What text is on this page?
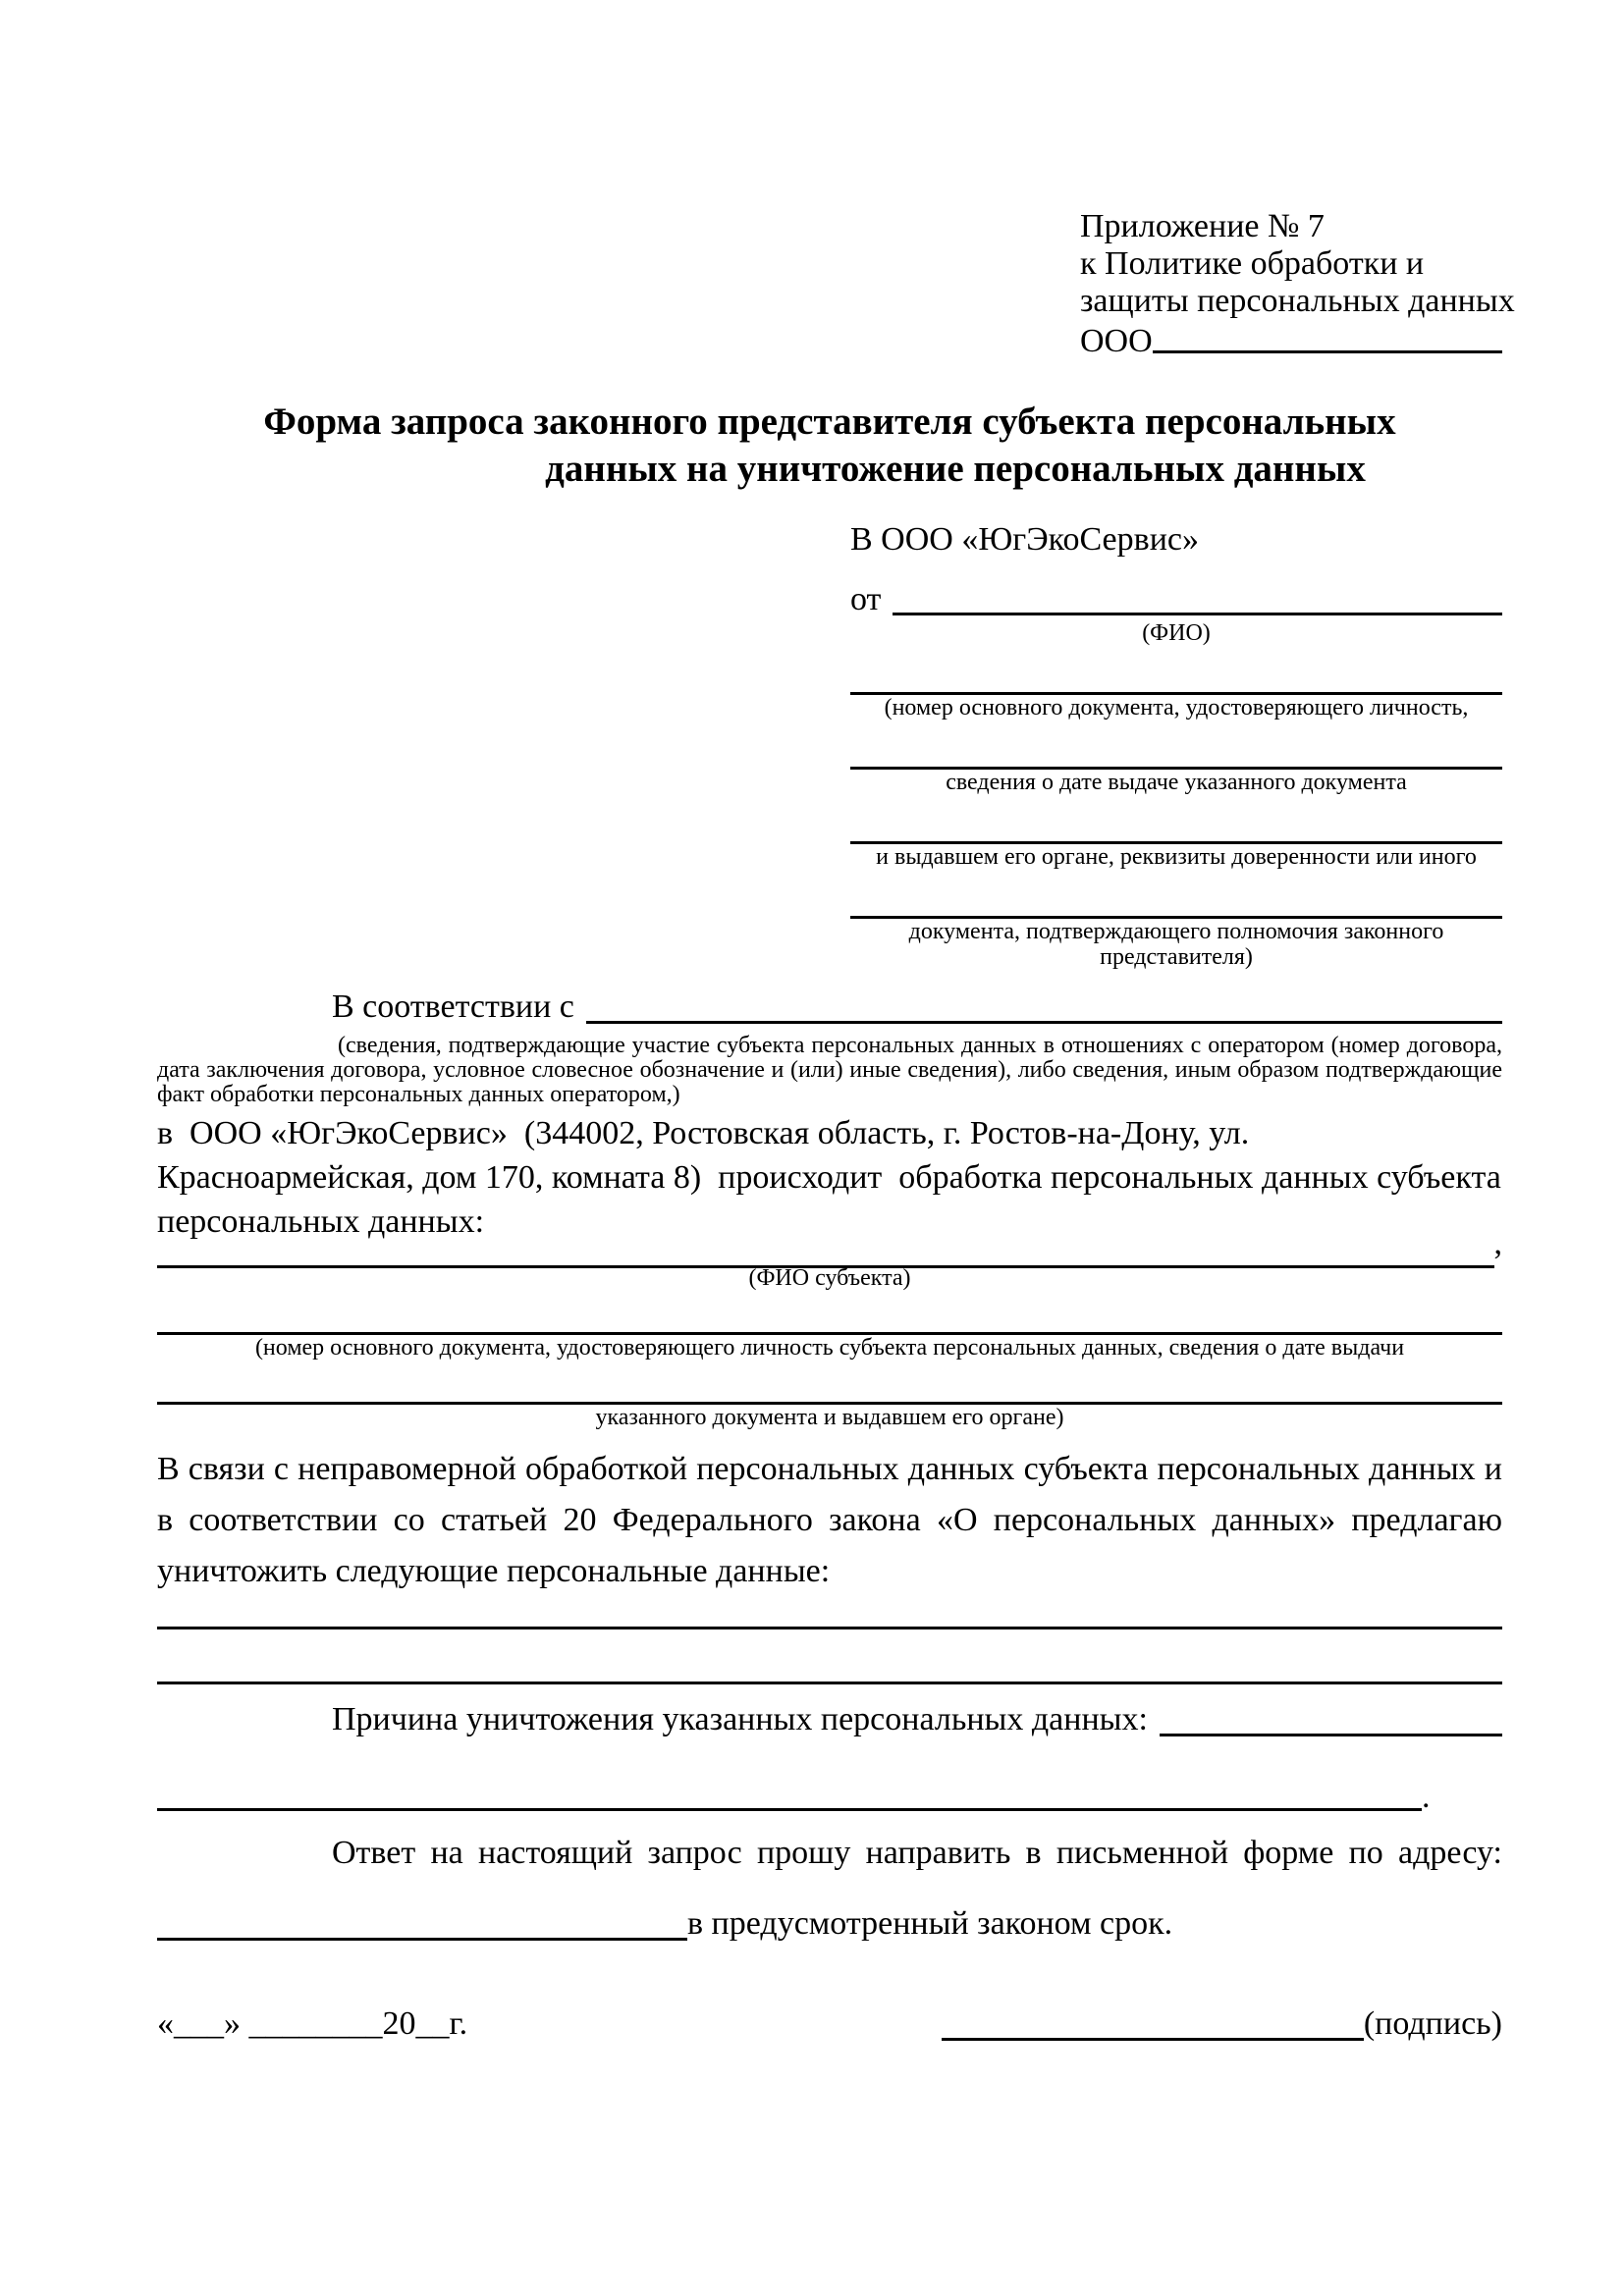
Приложение № 7
к Политике обработки и
защиты персональных данных
ООО
Форма запроса законного представителя субъекта персональных
данных на уничтожение персональных данных
В ООО «ЮгЭкоСервис»
от
(ФИО)
(номер основного документа, удостоверяющего личность,
сведения о дате выдаче указанного документа
и выдавшем его органе, реквизиты доверенности или иного
документа, подтверждающего полномочия законного представителя)
В соответствии с
(сведения, подтверждающие участие субъекта персональных данных в отношениях с оператором (номер договора, дата заключения договора, условное словесное обозначение и (или) иные сведения), либо сведения, иным образом подтверждающие факт обработки персональных данных оператором,)

в  ООО «ЮгЭкоСервис»  (344002, Ростовская область, г. Ростов-на-Дону, ул. Красноармейская, дом 170, комната 8)  происходит  обработка персональных данных субъекта персональных данных:

,
(ФИО субъекта)
(номер основного документа, удостоверяющего личность субъекта персональных данных, сведения о дате выдачи
указанного документа и выдавшем его органе)

В связи с неправомерной обработкой персональных данных субъекта персональных данных и в соответствии со статьей 20 Федерального закона «О персональных данных» предлагаю уничтожить следующие персональные данные:

Причина уничтожения указанных персональных данных:
.

Ответ на настоящий запрос прошу направить в письменной форме по адресу:

в предусмотренный законом срок.
«___» ________20__г.	(подпись)
